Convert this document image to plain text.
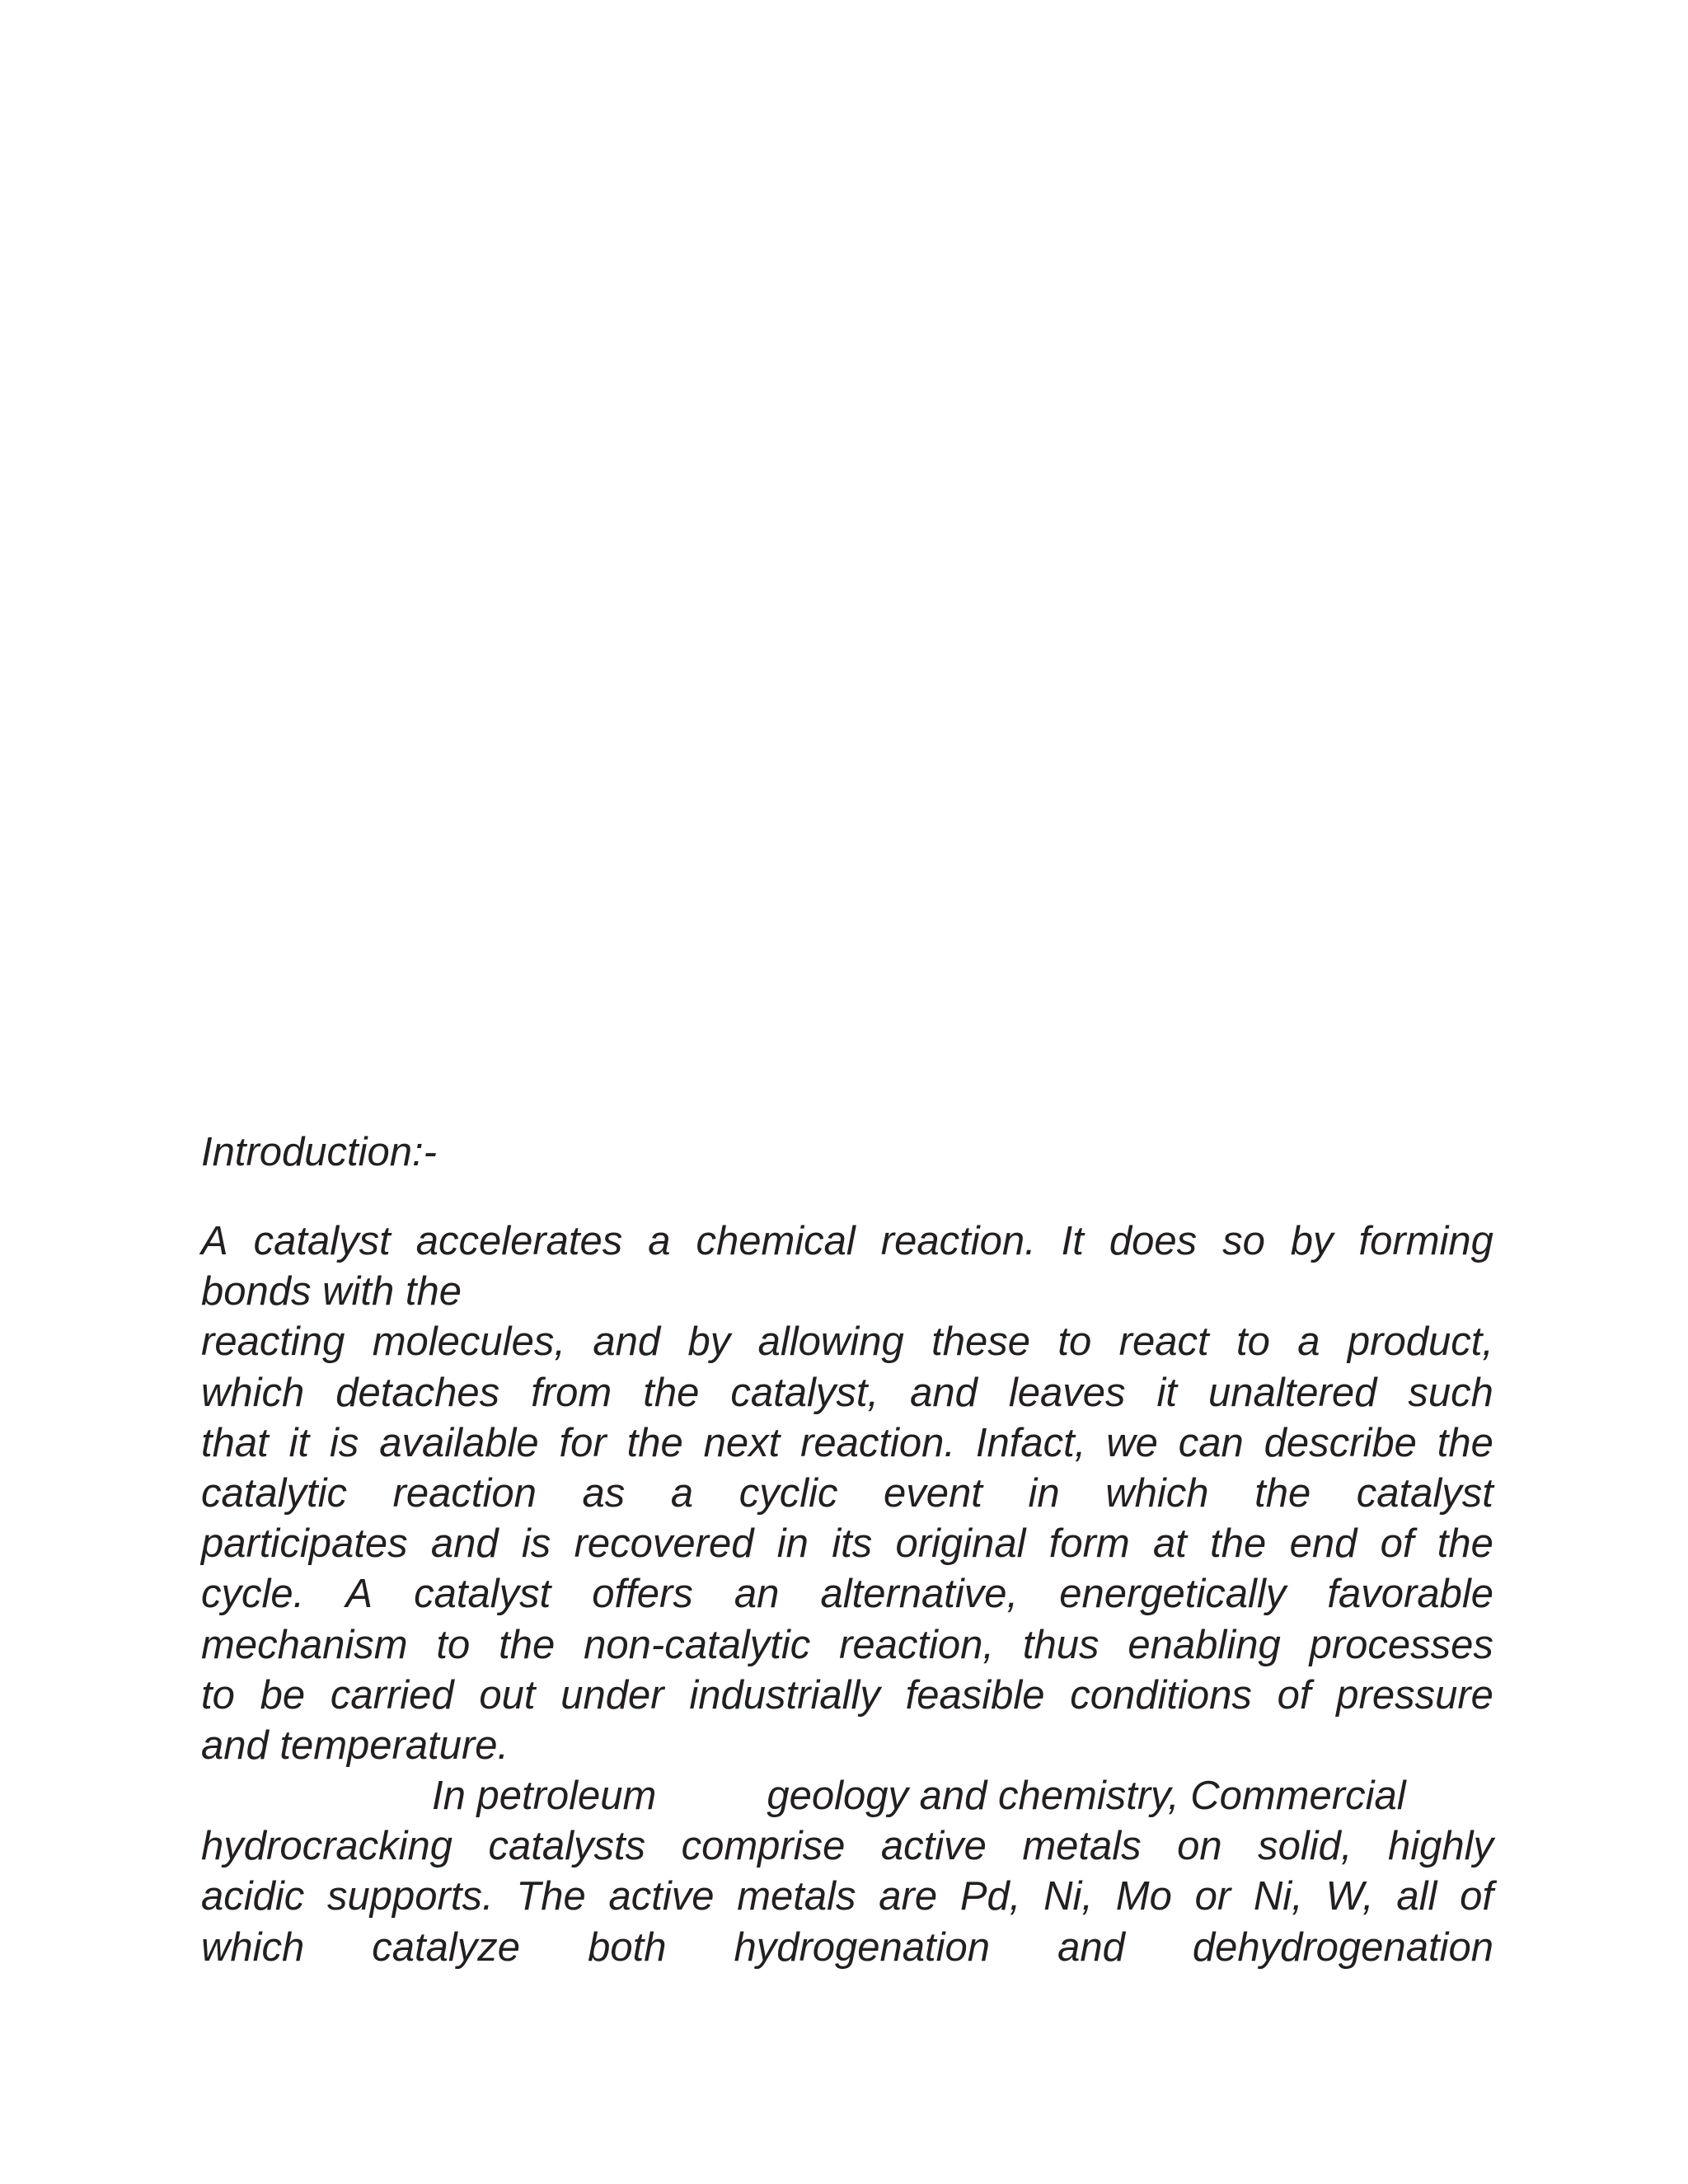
Introduction:-
A catalyst accelerates a chemical reaction. It does so by forming
bonds with the
reacting molecules, and by allowing these to react to a product,
which detaches from the catalyst, and leaves it unaltered such
that it is available for the next reaction. Infact, we can describe the
catalytic reaction as a cyclic event in which the catalyst
participates and is recovered in its original form at the end of the
cycle. A catalyst offers an alternative, energetically favorable
mechanism to the non-catalytic reaction, thus enabling processes
to be carried out under industrially feasible conditions of pressure
and temperature.
In petroleum	geology and chemistry, Commercial
hydrocracking catalysts comprise active metals on solid, highly
acidic supports. The active metals are Pd, Ni, Mo or Ni, W, all of
which catalyze both hydrogenation and dehydrogenation
